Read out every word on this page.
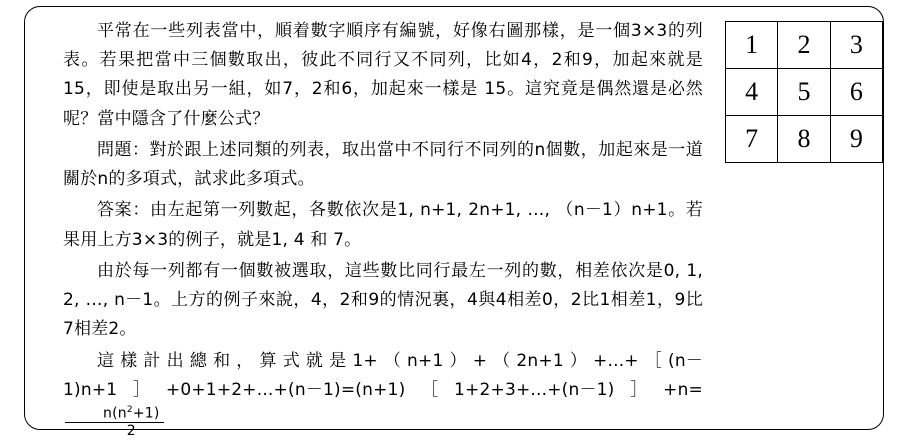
1	2	3
4	5	6
7	8	9

平常在一些列表當中，順着數字順序有編號，好像右圖那樣，是一個3×3的列表。若果把當中三個數取出，彼此不同行又不同列，比如4，2和9，加起來就是 15，即使是取出另一組，如7，2和6，加起來一樣是 15。這究竟是偶然還是必然呢？當中隱含了什麼公式？

問題：對於跟上述同類的列表，取出當中不同行不同列的n個數，加起來是一道關於n的多項式，試求此多項式。

答案：由左起第一列數起，各數依次是1, n+1, 2n+1, …, （n－1）n+1。若果用上方3×3的例子，就是1, 4 和 7。

由於每一列都有一個數被選取，這些數比同行最左一列的數，相差依次是0, 1, 2, …, n－1。上方的例子來說，4，2和9的情況裏，4與4相差0，2比1相差1，9比7相差2。

這樣計出總和，算式就是1+（n+1）+（2n+1）+...+［(n－1)n+1］+0+1+2+...+(n－1)=(n+1)［1+2+3+...+(n－1)］+n=
$\frac{n(n^2+1)}{2}$
